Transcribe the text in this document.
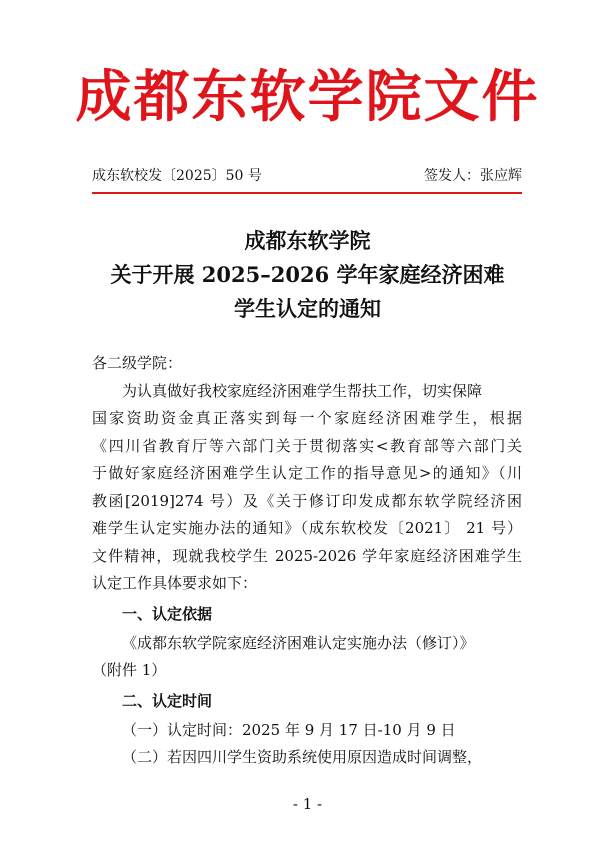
成都东软学院文件
成东软校发〔2025〕50 号	签发人：张应辉
成都东软学院
关于开展 2025–2026 学年家庭经济困难
学生认定的通知
各二级学院：
为认真做好我校家庭经济困难学生帮扶工作，切实保障
国家资助资金真正落实到每一个家庭经济困难学生，根据
《四川省教育厅等六部门关于贯彻落实<教育部等六部门关
于做好家庭经济困难学生认定工作的指导意见>的通知》（川
教函[2019]274 号）及《关于修订印发成都东软学院经济困
难学生认定实施办法的通知》（成东软校发〔2021〕 21 号）
文件精神，现就我校学生 2025-2026 学年家庭经济困难学生
认定工作具体要求如下：
一、认定依据
《成都东软学院家庭经济困难认定实施办法（修订）》
（附件 1）
二、认定时间
（一）认定时间：2025 年 9 月 17 日-10 月 9 日
（二）若因四川学生资助系统使用原因造成时间调整，
- 1 -
